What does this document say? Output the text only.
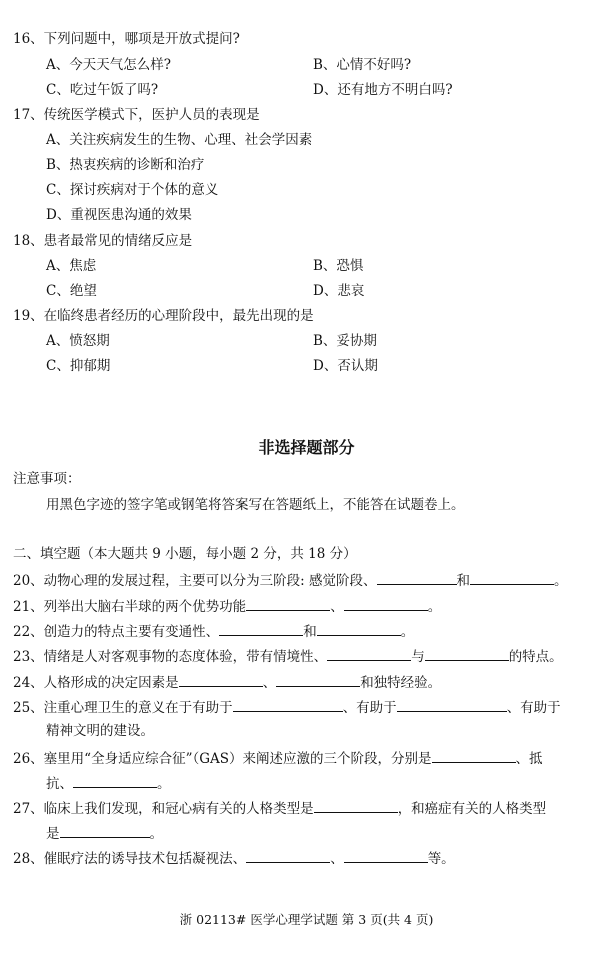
16、下列问题中，哪项是开放式提问?
A、今天天气怎么样?	B、心情不好吗?
C、吃过午饭了吗?	D、还有地方不明白吗?
17、传统医学模式下，医护人员的表现是
A、关注疾病发生的生物、心理、社会学因素
B、热衷疾病的诊断和治疗
C、探讨疾病对于个体的意义
D、重视医患沟通的效果
18、患者最常见的情绪反应是
A、焦虑	B、恐惧
C、绝望	D、悲哀
19、在临终患者经历的心理阶段中，最先出现的是
A、愤怒期	B、妥协期
C、抑郁期	D、否认期
非选择题部分
注意事项：
用黑色字迹的签字笔或钢笔将答案写在答题纸上，不能答在试题卷上。
二、填空题（本大题共 9 小题，每小题 2 分，共 18 分）
20、动物心理的发展过程，主要可以分为三阶段: 感觉阶段、	和	。
21、列举出大脑右半球的两个优势功能	、	。
22、创造力的特点主要有变通性、	和	。
23、情绪是人对客观事物的态度体验，带有情境性、	与	的特点。
24、人格形成的决定因素是	、	和独特经验。
25、注重心理卫生的意义在于有助于	、有助于	、有助于
精神文明的建设。
26、塞里用“全身适应综合征”（GAS）来阐述应激的三个阶段，分别是	、抵
抗、	。
27、临床上我们发现，和冠心病有关的人格类型是	，和癌症有关的人格类型
是	。
28、催眠疗法的诱导技术包括凝视法、	、	等。
浙 02113# 医学心理学试题 第 3 页(共 4 页)
